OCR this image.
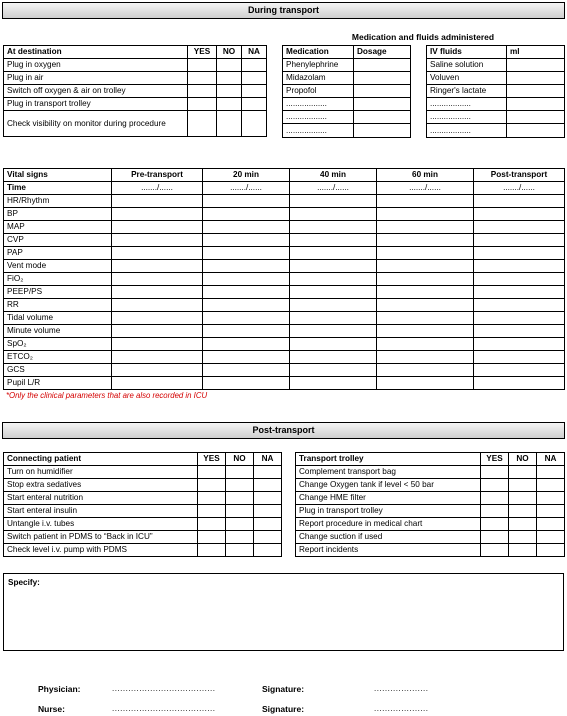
During transport
At destination	YES	NO	NA
Plug in oxygen			
Plug in air			
Switch off oxygen & air on trolley			
Plug in transport trolley			
Check visibility on monitor during procedure			
Medication and fluids administered
Medication	Dosage
Phenylephrine	
Midazolam	
Propofol	
..................	
..................	
..................	
IV fluids	ml
Saline solution	
Voluven	
Ringer's lactate	
..................	
..................	
..................	
Vital signs	Pre-transport	20 min	40 min	60 min	Post-transport
Time	......./......	......./......	......./......	......./......	......./......
HR/Rhythm					
BP					
MAP					
CVP					
PAP					
Vent mode					
FiO₂					
PEEP/PS					
RR					
Tidal volume					
Minute volume					
SpO₂					
ETCO₂					
GCS					
Pupil L/R					
*Only the clinical parameters that are also recorded in ICU
Post-transport
Connecting patient	YES	NO	NA
Turn on humidifier			
Stop extra sedatives			
Start enteral nutrition			
Start enteral insulin			
Untangle i.v. tubes			
Switch patient in PDMS to “Back in ICU”			
Check level i.v. pump with PDMS			
Transport trolley	YES	NO	NA
Complement transport bag			
Change Oxygen tank if level < 50 bar			
Change HME filter			
Plug in transport trolley			
Report procedure in medical chart			
Change suction if used			
Report incidents			
Specify:
Physician:	......................................	Signature:	....................
Nurse:	......................................	Signature:	....................
